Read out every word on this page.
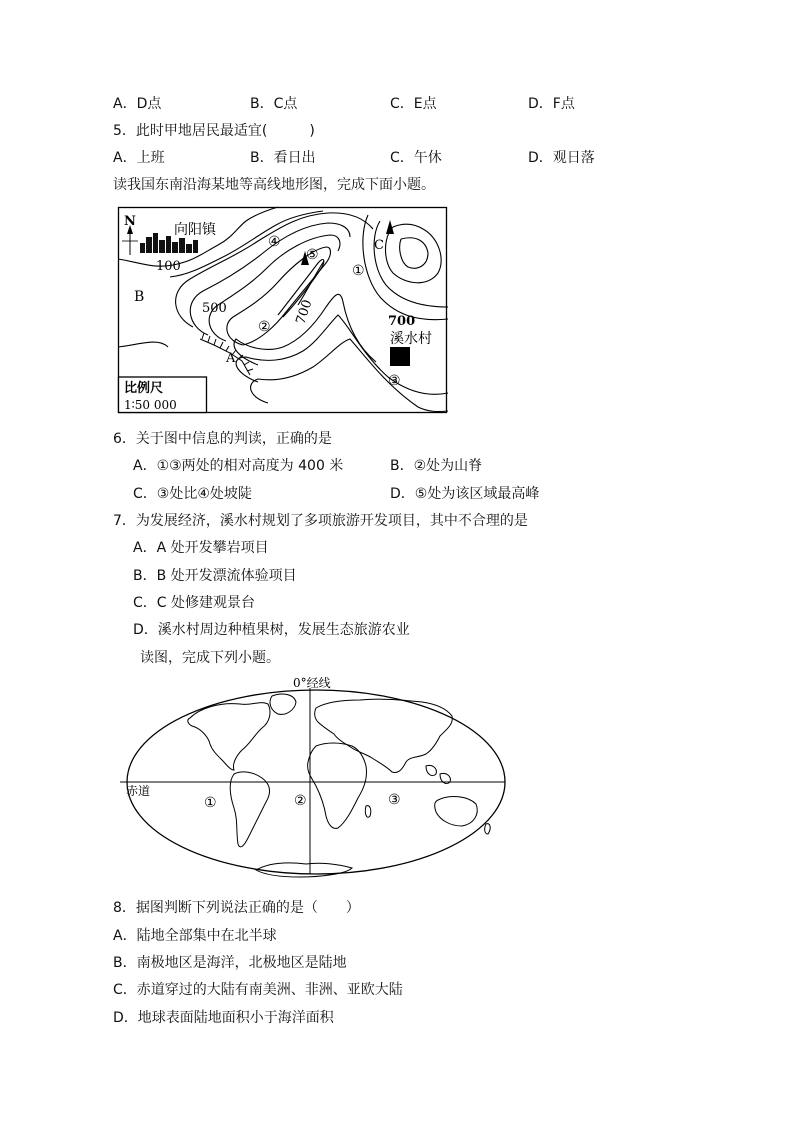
A．D点	B．C点	C．E点	D．F点
5．此时甲地居民最适宜(　　　)
A．上班	B．看日出	C．午休	D．观日落
读我国东南沿海某地等高线地形图，完成下面小题。
N
向阳镇
100
500	700	700
A
B
C
①
②
③
④
⑤
溪水村
比例尺
1∶50 000
6．关于图中信息的判读，正确的是
A．①③两处的相对高度为 400 米	B．②处为山脊
C．③处比④处坡陡	D．⑤处为该区域最高峰
7．为发展经济，溪水村规划了多项旅游开发项目，其中不合理的是
A．A 处开发攀岩项目
B．B 处开发漂流体验项目
C．C 处修建观景台
D．溪水村周边种植果树，发展生态旅游农业
读图，完成下列小题。
0°经线
赤道
①	②	③
8．据图判断下列说法正确的是（　　）
A．陆地全部集中在北半球
B．南极地区是海洋，北极地区是陆地
C．赤道穿过的大陆有南美洲、非洲、亚欧大陆
D．地球表面陆地面积小于海洋面积
